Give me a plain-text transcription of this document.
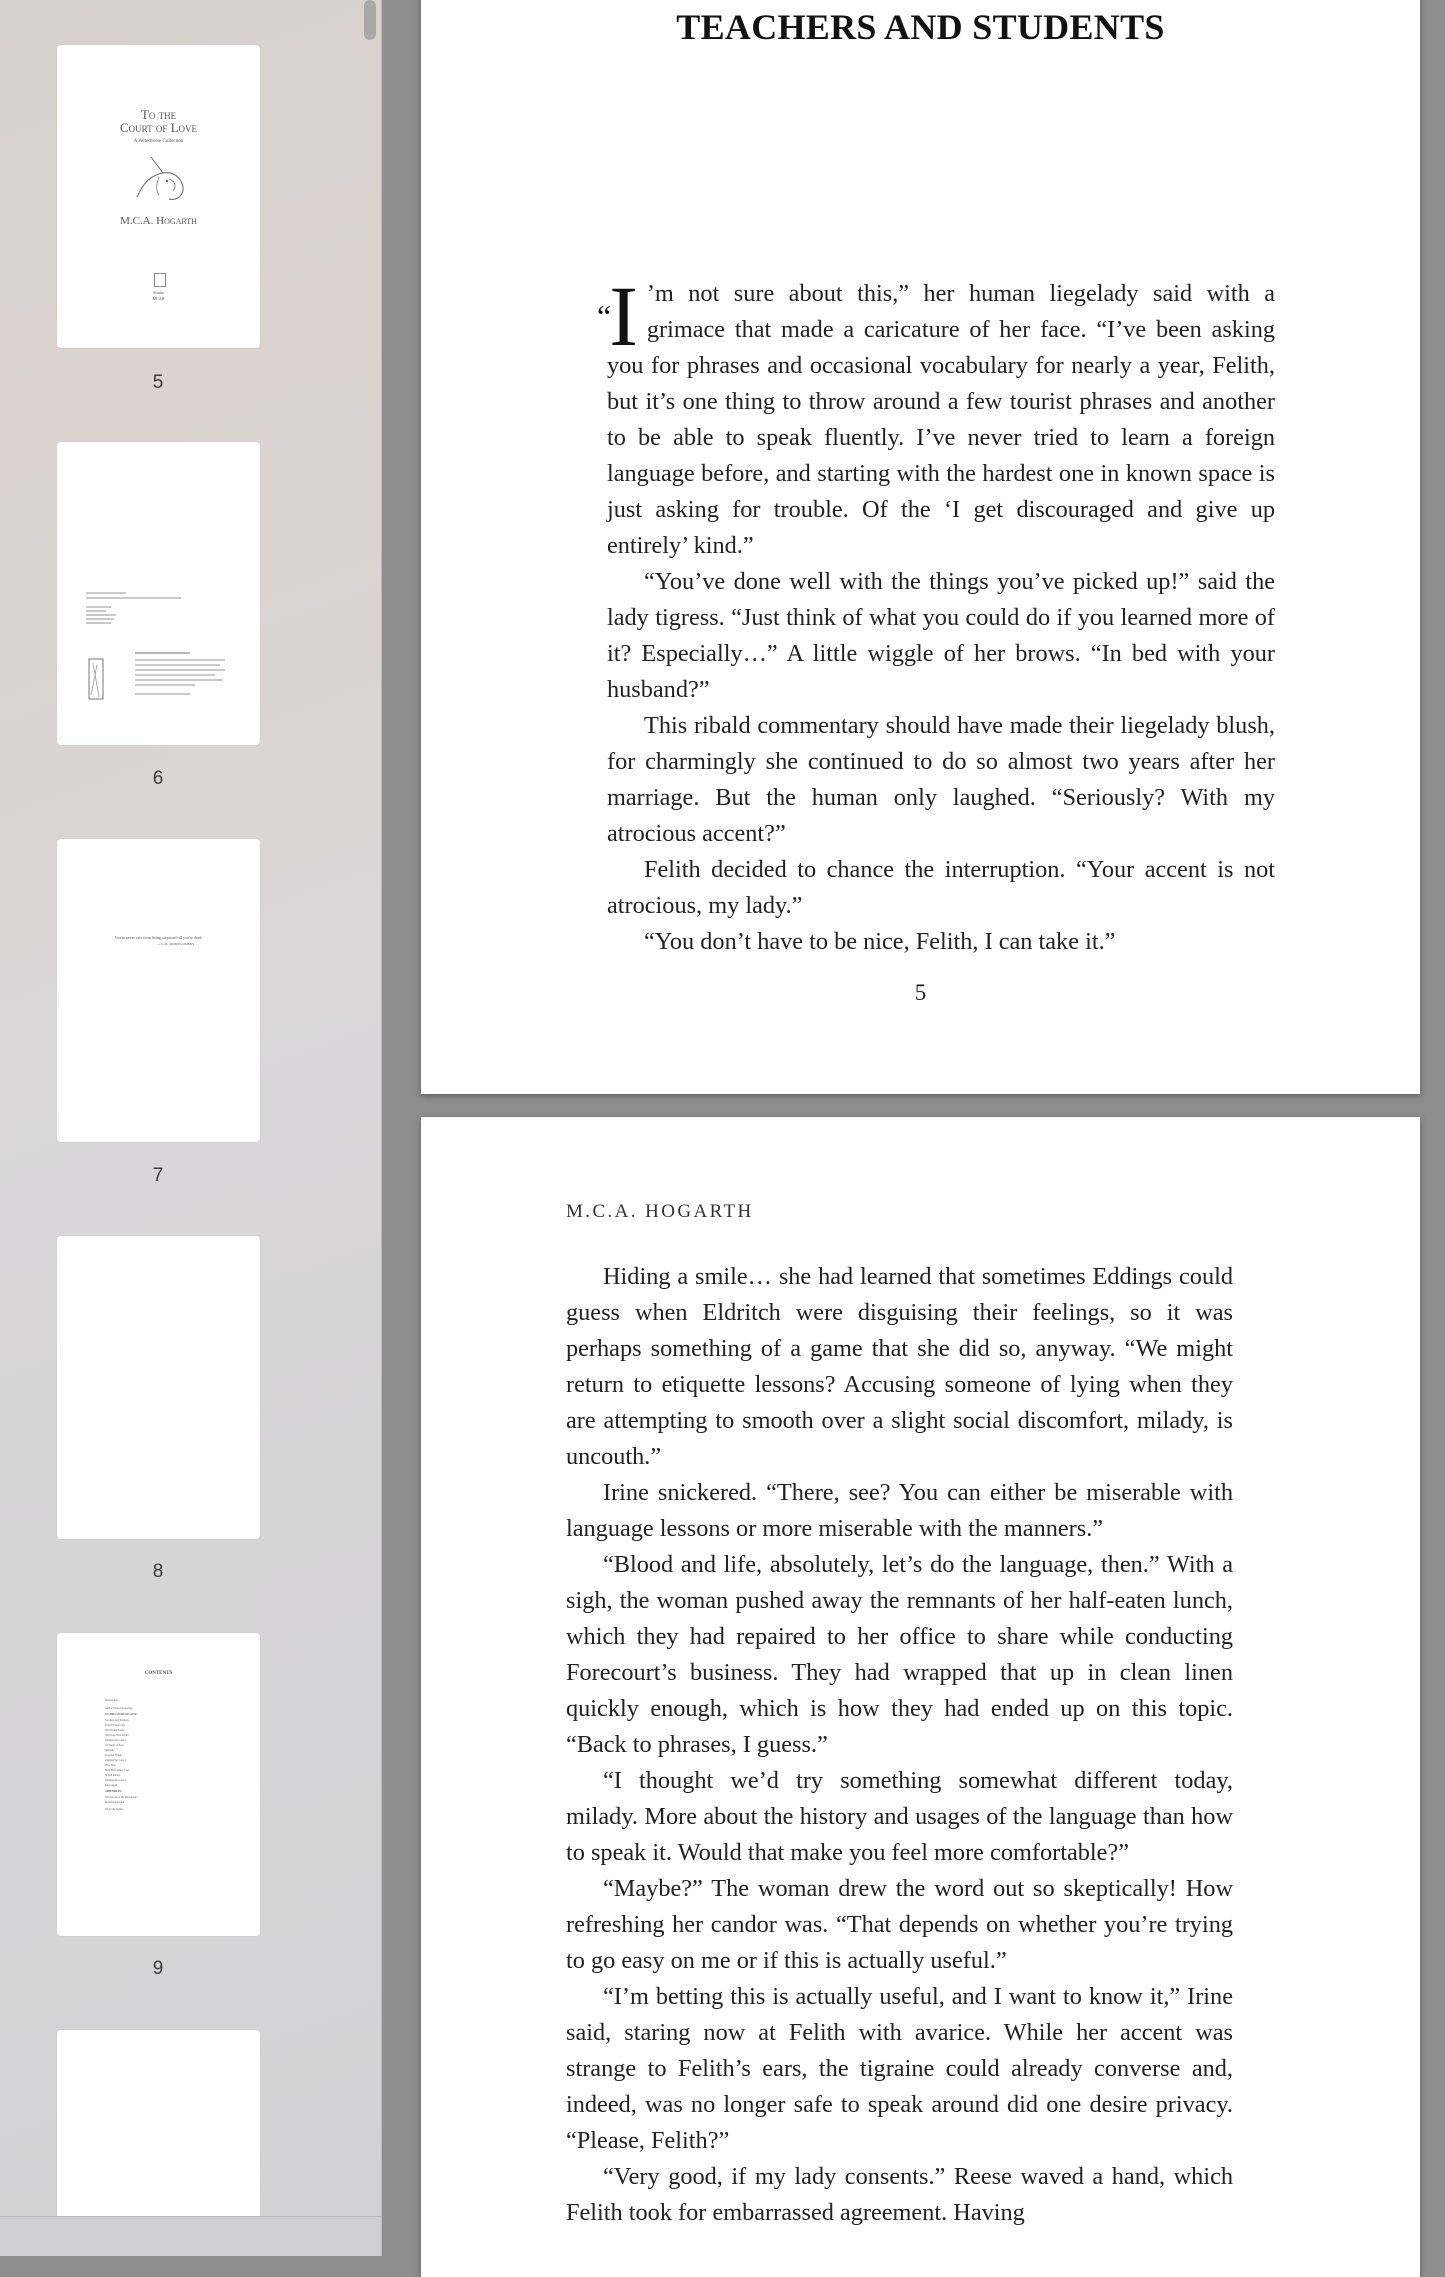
To the
Court of Love
A Peltedverse Collection
M.C.A. Hogarth
Studio
MCAH
5
6
You're never safe from being surprised till you're dead.
— L.M. MONTGOMERY
7
8
CONTENTS
Introduction
Author's Note/Chronology
TO THE COURT OF LOVE
Teachers And Students
From Foreseen Tea
Of Gift and Forms
Old Dogs, New Tricks
Opening the Court 1
A Change of Pace
Interlude
Seasonal Things
Opening the Court 2
Who Next
Born Here, Marry Last
In Still Silence
Opening the Court 3
Tales Again
APPENDICES
The Species of the Peltedverse
Dramatis Personae
About the Author
9
TEACHERS AND STUDENTS

“I ’m not sure about this,” her human liegelady said with a grimace that made a caricature of her face. “I’ve been asking you for phrases and occasional vocabulary for nearly a year, Felith, but it’s one thing to throw around a few tourist phrases and another to be able to speak fluently. I’ve never tried to learn a foreign language before, and starting with the hardest one in known space is just asking for trouble. Of the ‘I get discouraged and give up entirely’ kind.”

“You’ve done well with the things you’ve picked up!” said the lady tigress. “Just think of what you could do if you learned more of it? Especially…” A little wiggle of her brows. “In bed with your husband?”

This ribald commentary should have made their liegelady blush, for charmingly she continued to do so almost two years after her marriage. But the human only laughed. “Seriously? With my atrocious accent?”

Felith decided to chance the interruption. “Your accent is not atrocious, my lady.”

“You don’t have to be nice, Felith, I can take it.”

5
M.C.A. HOGARTH

Hiding a smile… she had learned that sometimes Eddings could guess when Eldritch were disguising their feelings, so it was perhaps something of a game that she did so, anyway. “We might return to etiquette lessons? Accusing someone of lying when they are attempting to smooth over a slight social discomfort, milady, is uncouth.”

Irine snickered. “There, see? You can either be miserable with language lessons or more miserable with the manners.”

“Blood and life, absolutely, let’s do the language, then.” With a sigh, the woman pushed away the remnants of her half-eaten lunch, which they had repaired to her office to share while conducting Forecourt’s business. They had wrapped that up in clean linen quickly enough, which is how they had ended up on this topic. “Back to phrases, I guess.”

“I thought we’d try something somewhat different today, milady. More about the history and usages of the language than how to speak it. Would that make you feel more comfortable?”

“Maybe?” The woman drew the word out so skeptically! How refreshing her candor was. “That depends on whether you’re trying to go easy on me or if this is actually useful.”

“I’m betting this is actually useful, and I want to know it,” Irine said, staring now at Felith with avarice. While her accent was strange to Felith’s ears, the tigraine could already converse and, indeed, was no longer safe to speak around did one desire privacy. “Please, Felith?”

“Very good, if my lady consents.” Reese waved a hand, which Felith took for embarrassed agreement. Having
